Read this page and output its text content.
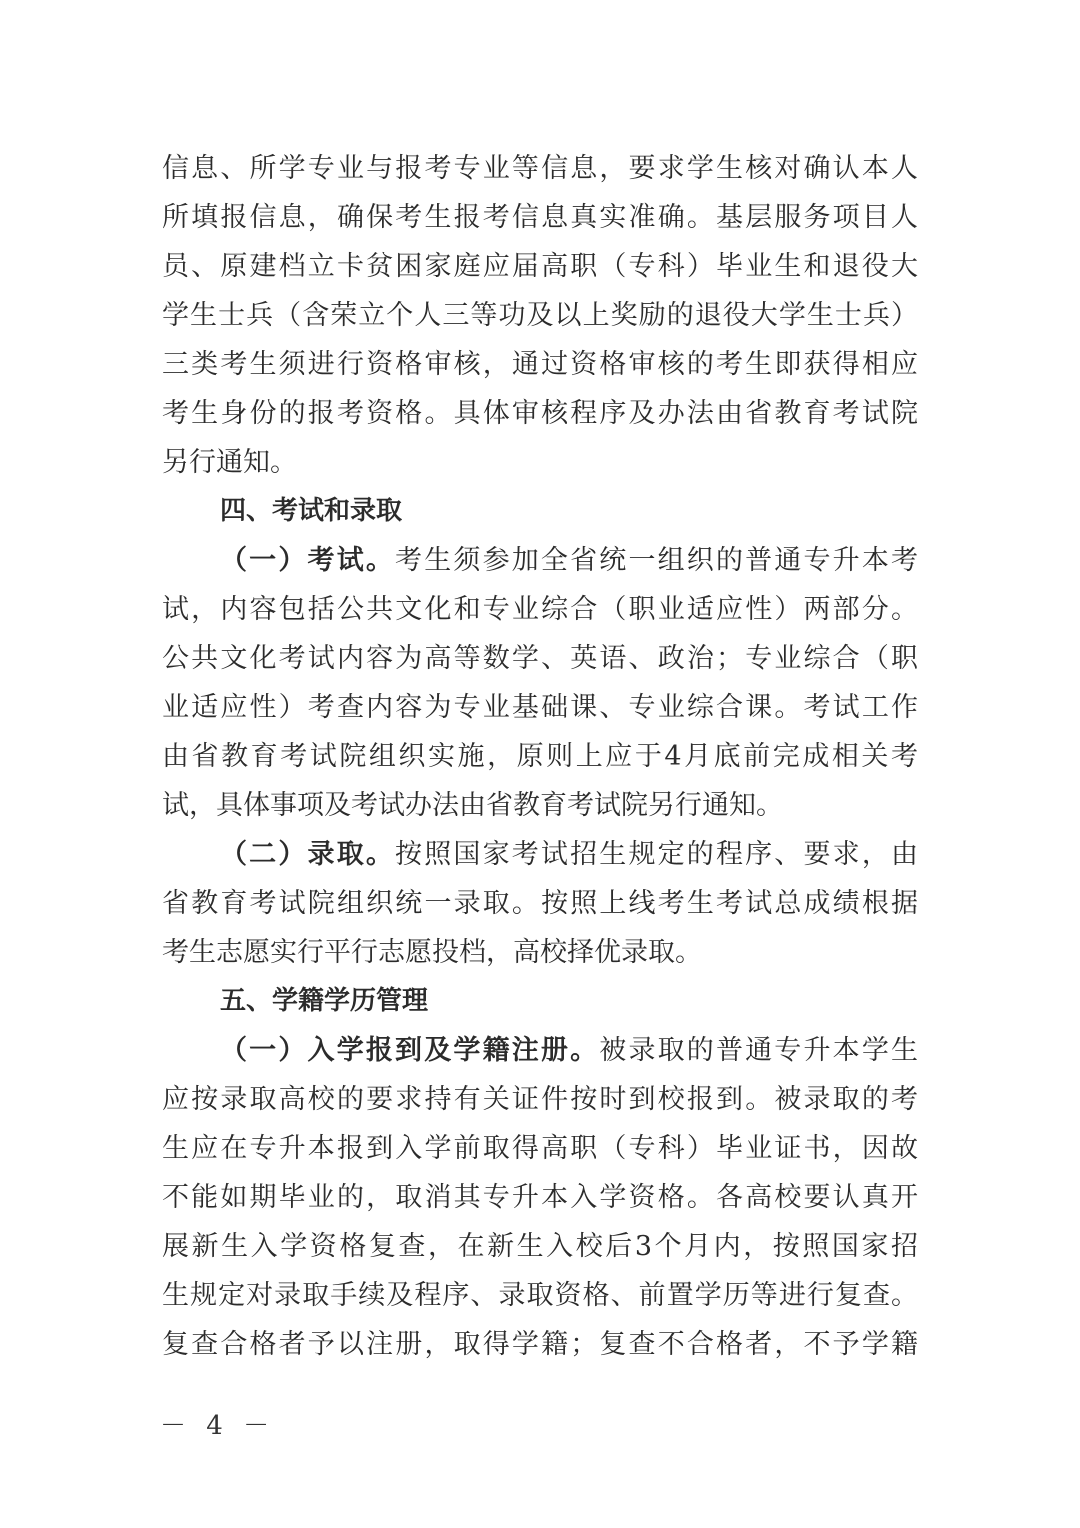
信息、所学专业与报考专业等信息，要求学生核对确认本人
所填报信息，确保考生报考信息真实准确。基层服务项目人
员、原建档立卡贫困家庭应届高职（专科）毕业生和退役大
学生士兵（含荣立个人三等功及以上奖励的退役大学生士兵）
三类考生须进行资格审核，通过资格审核的考生即获得相应
考生身份的报考资格。具体审核程序及办法由省教育考试院
另行通知。
四、考试和录取
（一）考试。考生须参加全省统一组织的普通专升本考
试，内容包括公共文化和专业综合（职业适应性）两部分。
公共文化考试内容为高等数学、英语、政治；专业综合（职
业适应性）考查内容为专业基础课、专业综合课。考试工作
由省教育考试院组织实施，原则上应于4月底前完成相关考
试，具体事项及考试办法由省教育考试院另行通知。
（二）录取。按照国家考试招生规定的程序、要求，由
省教育考试院组织统一录取。按照上线考生考试总成绩根据
考生志愿实行平行志愿投档，高校择优录取。
五、学籍学历管理
（一）入学报到及学籍注册。被录取的普通专升本学生
应按录取高校的要求持有关证件按时到校报到。被录取的考
生应在专升本报到入学前取得高职（专科）毕业证书，因故
不能如期毕业的，取消其专升本入学资格。各高校要认真开
展新生入学资格复查，在新生入校后3个月内，按照国家招
生规定对录取手续及程序、录取资格、前置学历等进行复查。
复查合格者予以注册，取得学籍；复查不合格者，不予学籍
－ 4 －
